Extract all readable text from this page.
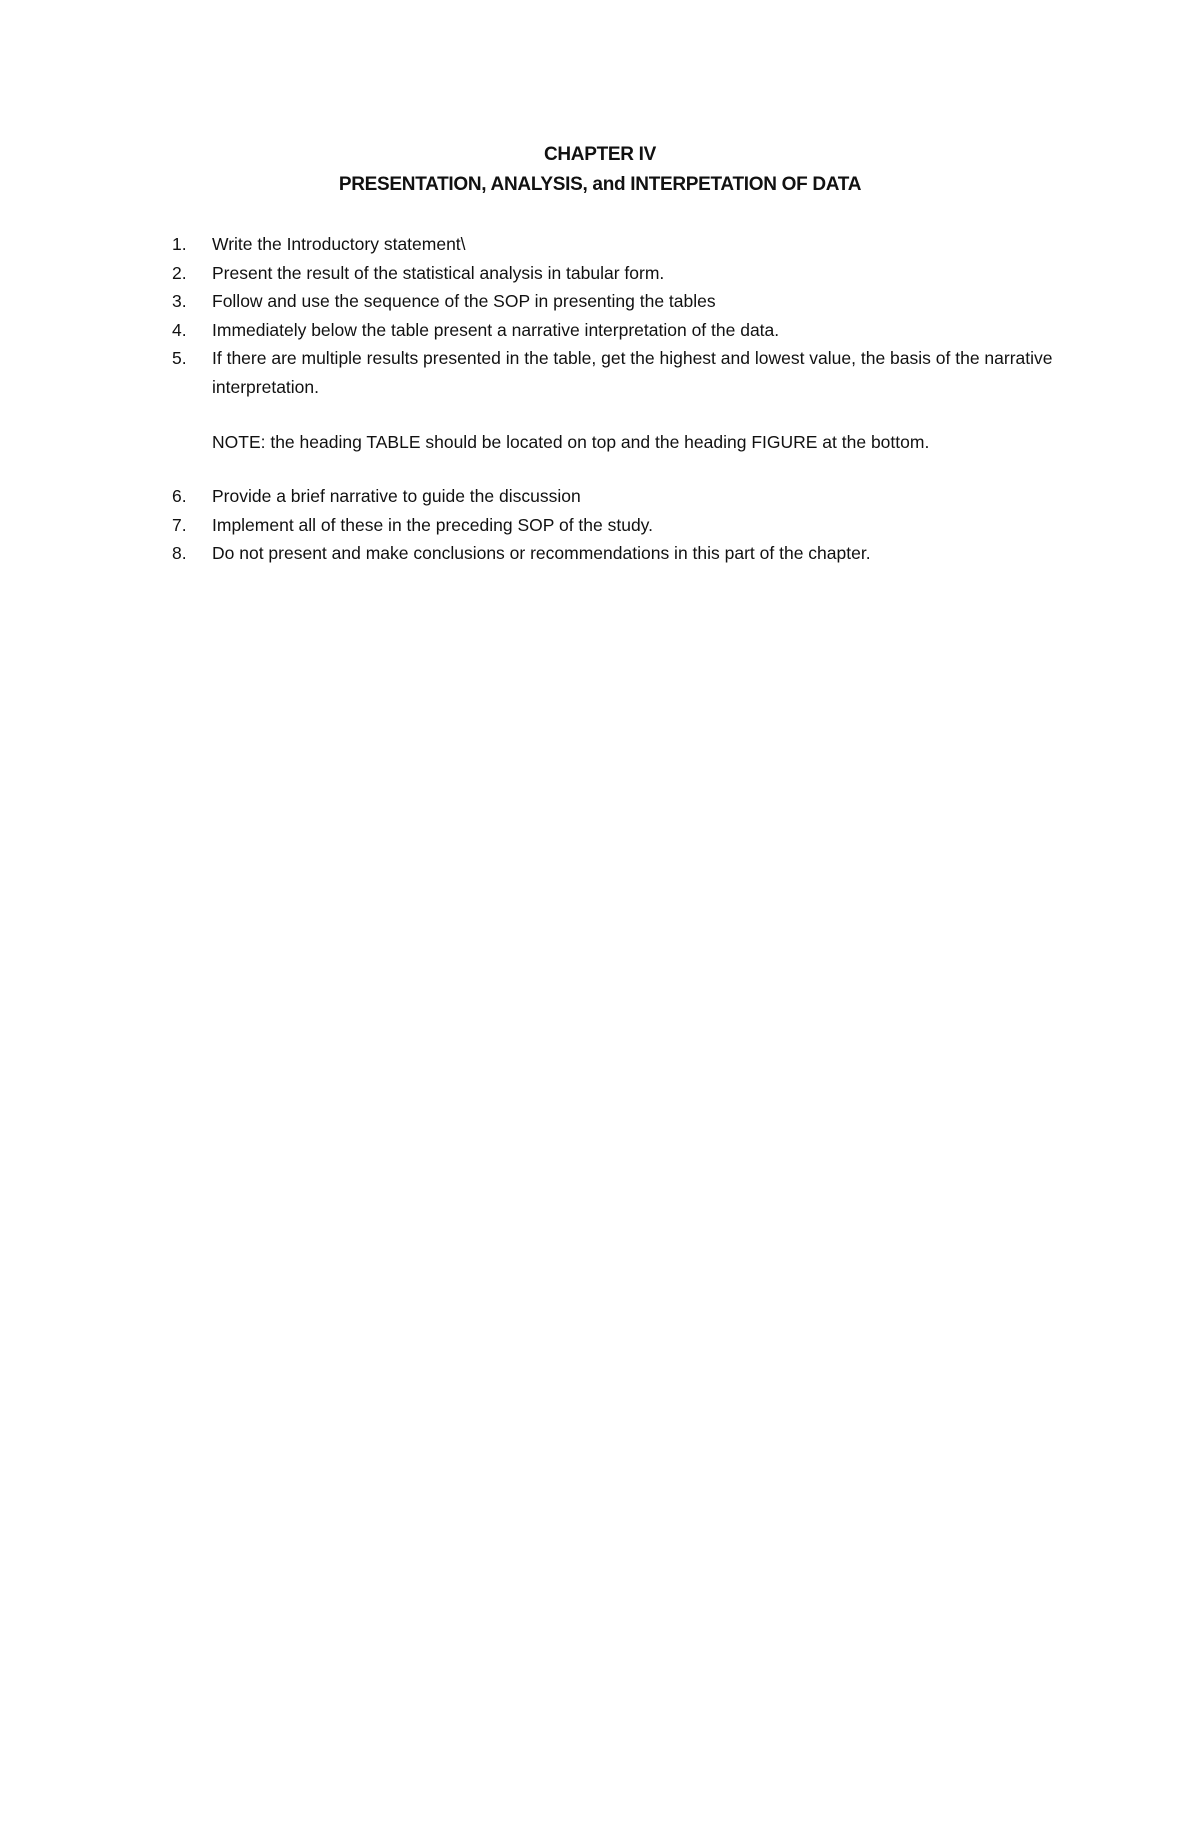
CHAPTER IV
PRESENTATION, ANALYSIS, and INTERPETATION OF DATA
1.	Write the Introductory statement\
2.	Present the result of the statistical analysis in tabular form.
3.	Follow and use the sequence of the SOP in presenting the tables
4.	Immediately below the table present a narrative interpretation of the data.
5.	If there are multiple results presented in the table, get the highest and lowest value, the basis of the narrative interpretation.

NOTE: the heading TABLE should be located on top and the heading FIGURE at the bottom.

6.	Provide a brief narrative to guide the discussion
7.	Implement all of these in the preceding SOP of the study.
8.	Do not present and make conclusions or recommendations in this part of the chapter.
